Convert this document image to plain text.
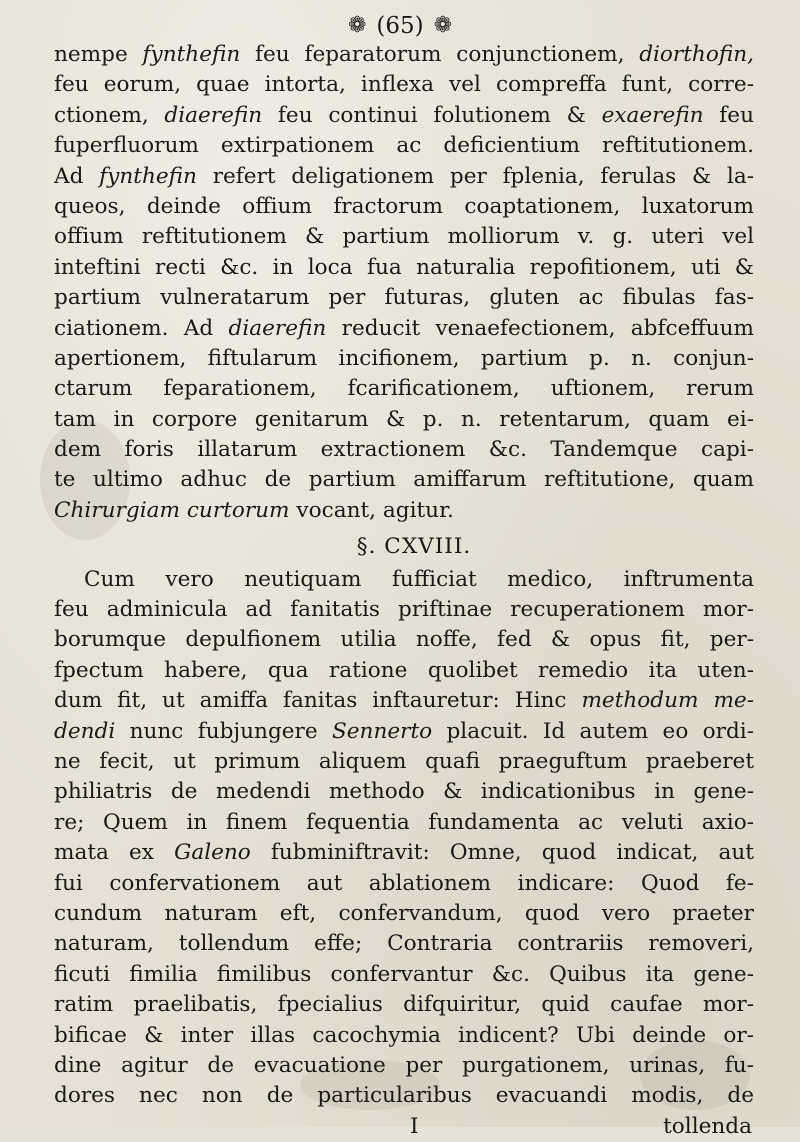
❁ (65) ❁
nempe fynthefin feu feparatorum conjunctionem, diorthofin,
feu eorum, quae intorta, inflexa vel compreffa funt, corre-
ctionem, diaerefin feu continui folutionem & exaerefin feu
fuperfluorum extirpationem ac deficientium reftitutionem.
Ad fynthefin refert deligationem per fplenia, ferulas & la-
queos, deinde offium fractorum coaptationem, luxatorum
offium reftitutionem & partium molliorum v. g. uteri vel
inteftini recti &c. in loca fua naturalia repofitionem, uti &
partium vulneratarum per futuras, gluten ac fibulas fas-
ciationem. Ad diaerefin reducit venaefectionem, abfceffuum
apertionem, fiftularum incifionem, partium p. n. conjun-
ctarum feparationem, fcarificationem, uftionem, rerum
tam in corpore genitarum & p. n. retentarum, quam ei-
dem foris illatarum extractionem &c. Tandemque capi-
te ultimo adhuc de partium amiffarum reftitutione, quam
Chirurgiam curtorum vocant, agitur.
§. CXVIII.
Cum vero neutiquam fufficiat medico, inftrumenta
feu adminicula ad fanitatis priftinae recuperationem mor-
borumque depulfionem utilia noffe, fed & opus fit, per-
fpectum habere, qua ratione quolibet remedio ita uten-
dum fit, ut amiffa fanitas inftauretur: Hinc methodum me-
dendi nunc fubjungere Sennerto placuit. Id autem eo ordi-
ne fecit, ut primum aliquem quafi praeguftum praeberet
philiatris de medendi methodo & indicationibus in gene-
re; Quem in finem fequentia fundamenta ac veluti axio-
mata ex Galeno fubminiftravit: Omne, quod indicat, aut
fui confervationem aut ablationem indicare: Quod fe-
cundum naturam eft, confervandum, quod vero praeter
naturam, tollendum effe; Contraria contrariis removeri,
ficuti fimilia fimilibus confervantur &c. Quibus ita gene-
ratim praelibatis, fpecialius difquiritur, quid caufae mor-
bificae & inter illas cacochymia indicent? Ubi deinde or-
dine agitur de evacuatione per purgationem, urinas, fu-
dores nec non de particularibus evacuandi modis, de
I	tollenda
